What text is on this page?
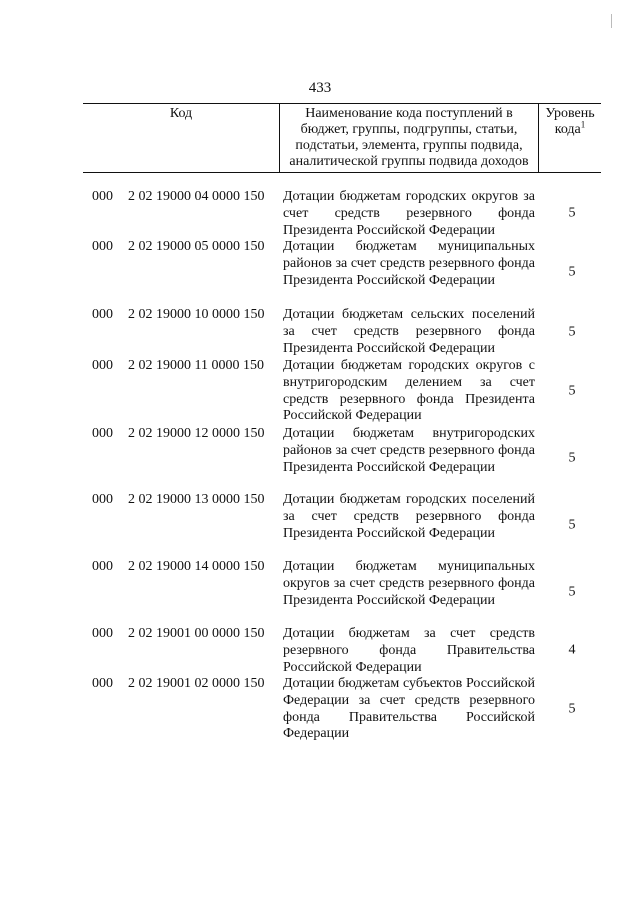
433
Код	Наименование кода поступлений в бюджет, группы, подгруппы, статьи, подстатьи, элемента, группы подвида, аналитической группы подвида доходов
Уровень кода$^1$
000 2 02 19000 04 0000 150 Дотации бюджетам городских округов за счет средств резервного фонда Президента Российской Федерации
5
000 2 02 19000 05 0000 150 Дотации бюджетам муниципальных районов за счет средств резервного фонда Президента Российской Федерации
5
000 2 02 19000 10 0000 150 Дотации бюджетам сельских поселений за счет средств резервного фонда Президента Российской Федерации
5
000 2 02 19000 11 0000 150 Дотации бюджетам городских округов с внутригородским делением за счет средств резервного фонда Президента Российской Федерации
5
000 2 02 19000 12 0000 150 Дотации бюджетам внутригородских районов за счет средств резервного фонда Президента Российской Федерации
5
000 2 02 19000 13 0000 150 Дотации бюджетам городских поселений за счет средств резервного фонда Президента Российской Федерации
5
000 2 02 19000 14 0000 150 Дотации бюджетам муниципальных округов за счет средств резервного фонда Президента Российской Федерации
5
000 2 02 19001 00 0000 150 Дотации бюджетам за счет средств резервного фонда Правительства Российской Федерации
4
000 2 02 19001 02 0000 150 Дотации бюджетам субъектов Российской Федерации за счет средств резервного фонда Правительства Российской Федерации
5
